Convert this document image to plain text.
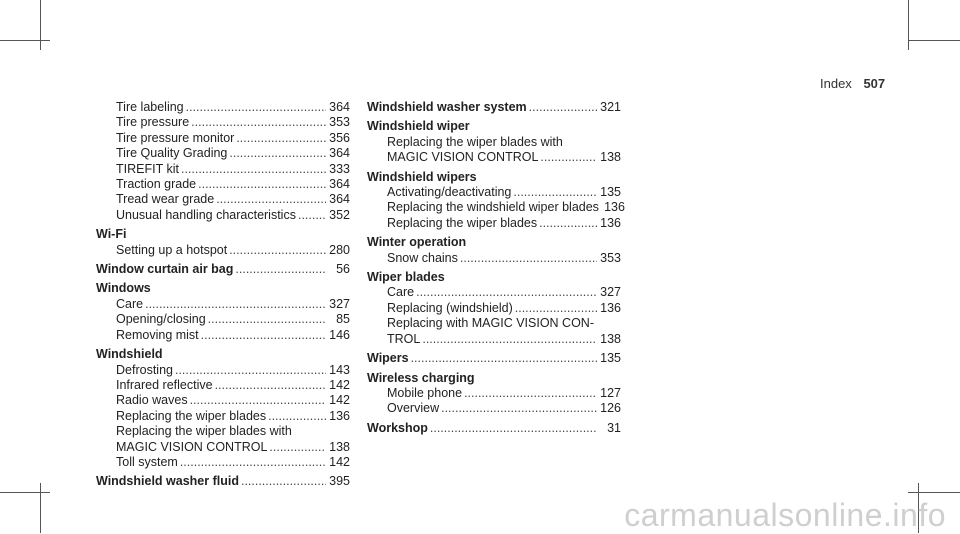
Index 507
Tire labeling .....	364
Tire pressure .....	353
Tire pressure monitor .....	356
Tire Quality Grading .....	364
TIREFIT kit .....	333
Traction grade .....	364
Tread wear grade .....	364
Unusual handling characteristics .....	352
Wi-Fi
Setting up a hotspot .....	280
Window curtain air bag .....	56
Windows
Care .....	327
Opening/closing .....	85
Removing mist .....	146
Windshield
Defrosting .....	143
Infrared reflective .....	142
Radio waves .....	142
Replacing the wiper blades .....	136
Replacing the wiper blades with
MAGIC VISION CONTROL .....	138
Toll system .....	142
Windshield washer fluid .....	395
Windshield washer system .....	321
Windshield wiper
Replacing the wiper blades with
MAGIC VISION CONTROL .....	138
Windshield wipers
Activating/deactivating .....	135
Replacing the windshield wiper blades 136
Replacing the wiper blades .....	136
Winter operation
Snow chains .....	353
Wiper blades
Care .....	327
Replacing (windshield) .....	136
Replacing with MAGIC VISION CON-
TROL .....	138
Wipers .....	135
Wireless charging
Mobile phone .....	127
Overview .....	126
Workshop .....	31
carmanualsonline.info
